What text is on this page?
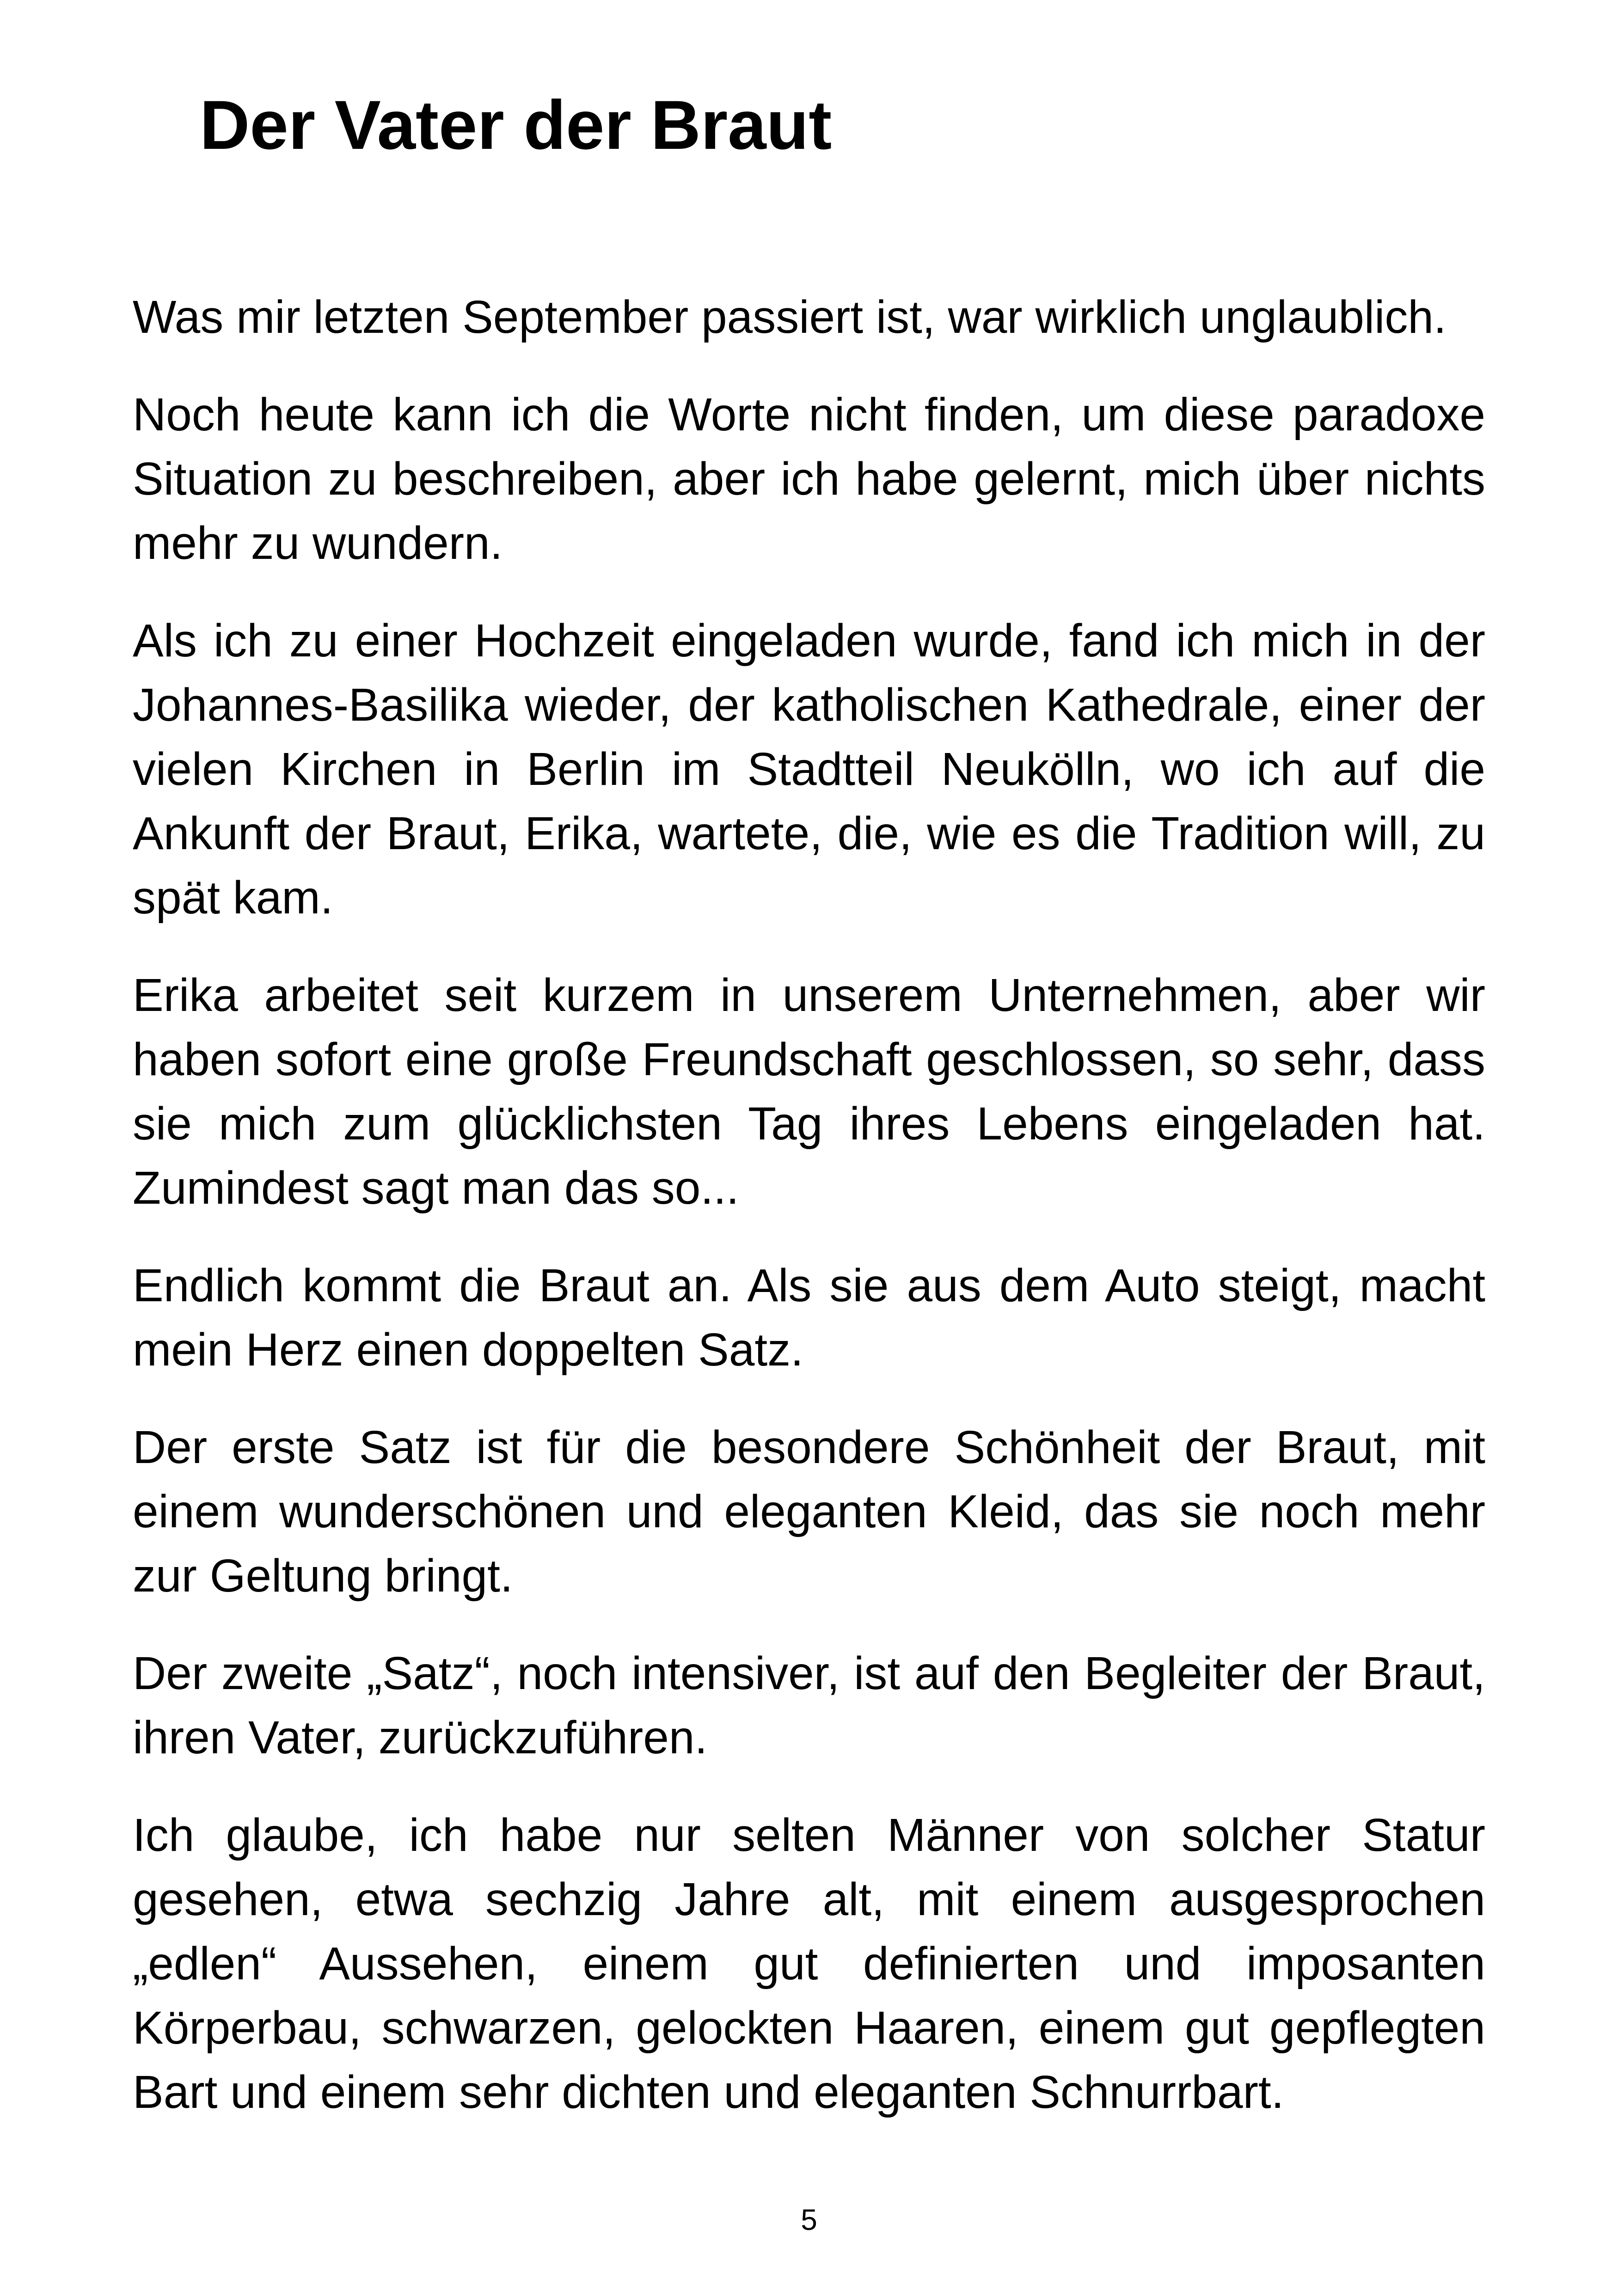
Der Vater der Braut

Was mir letzten September passiert ist, war wirklich unglaublich.

Noch heute kann ich die Worte nicht finden, um diese paradoxe Situation zu beschreiben, aber ich habe gelernt, mich über nichts mehr zu wundern.

Als ich zu einer Hochzeit eingeladen wurde, fand ich mich in der Johannes-Basilika wieder, der katholischen Kathedrale, einer der vielen Kirchen in Berlin im Stadtteil Neukölln, wo ich auf die Ankunft der Braut, Erika, wartete, die, wie es die Tradition will, zu spät kam.

Erika arbeitet seit kurzem in unserem Unternehmen, aber wir haben sofort eine große Freundschaft geschlossen, so sehr, dass sie mich zum glücklichsten Tag ihres Lebens eingeladen hat. Zumindest sagt man das so...

Endlich kommt die Braut an. Als sie aus dem Auto steigt, macht mein Herz einen doppelten Satz.

Der erste Satz ist für die besondere Schönheit der Braut, mit einem wunderschönen und eleganten Kleid, das sie noch mehr zur Geltung bringt.

Der zweite „Satz“, noch intensiver, ist auf den Begleiter der Braut, ihren Vater, zurückzuführen.

Ich glaube, ich habe nur selten Männer von solcher Statur gesehen, etwa sechzig Jahre alt, mit einem ausgesprochen „edlen“ Aussehen, einem gut definierten und imposanten Körperbau, schwarzen, gelockten Haaren, einem gut gepflegten Bart und einem sehr dichten und eleganten Schnurrbart.

5
